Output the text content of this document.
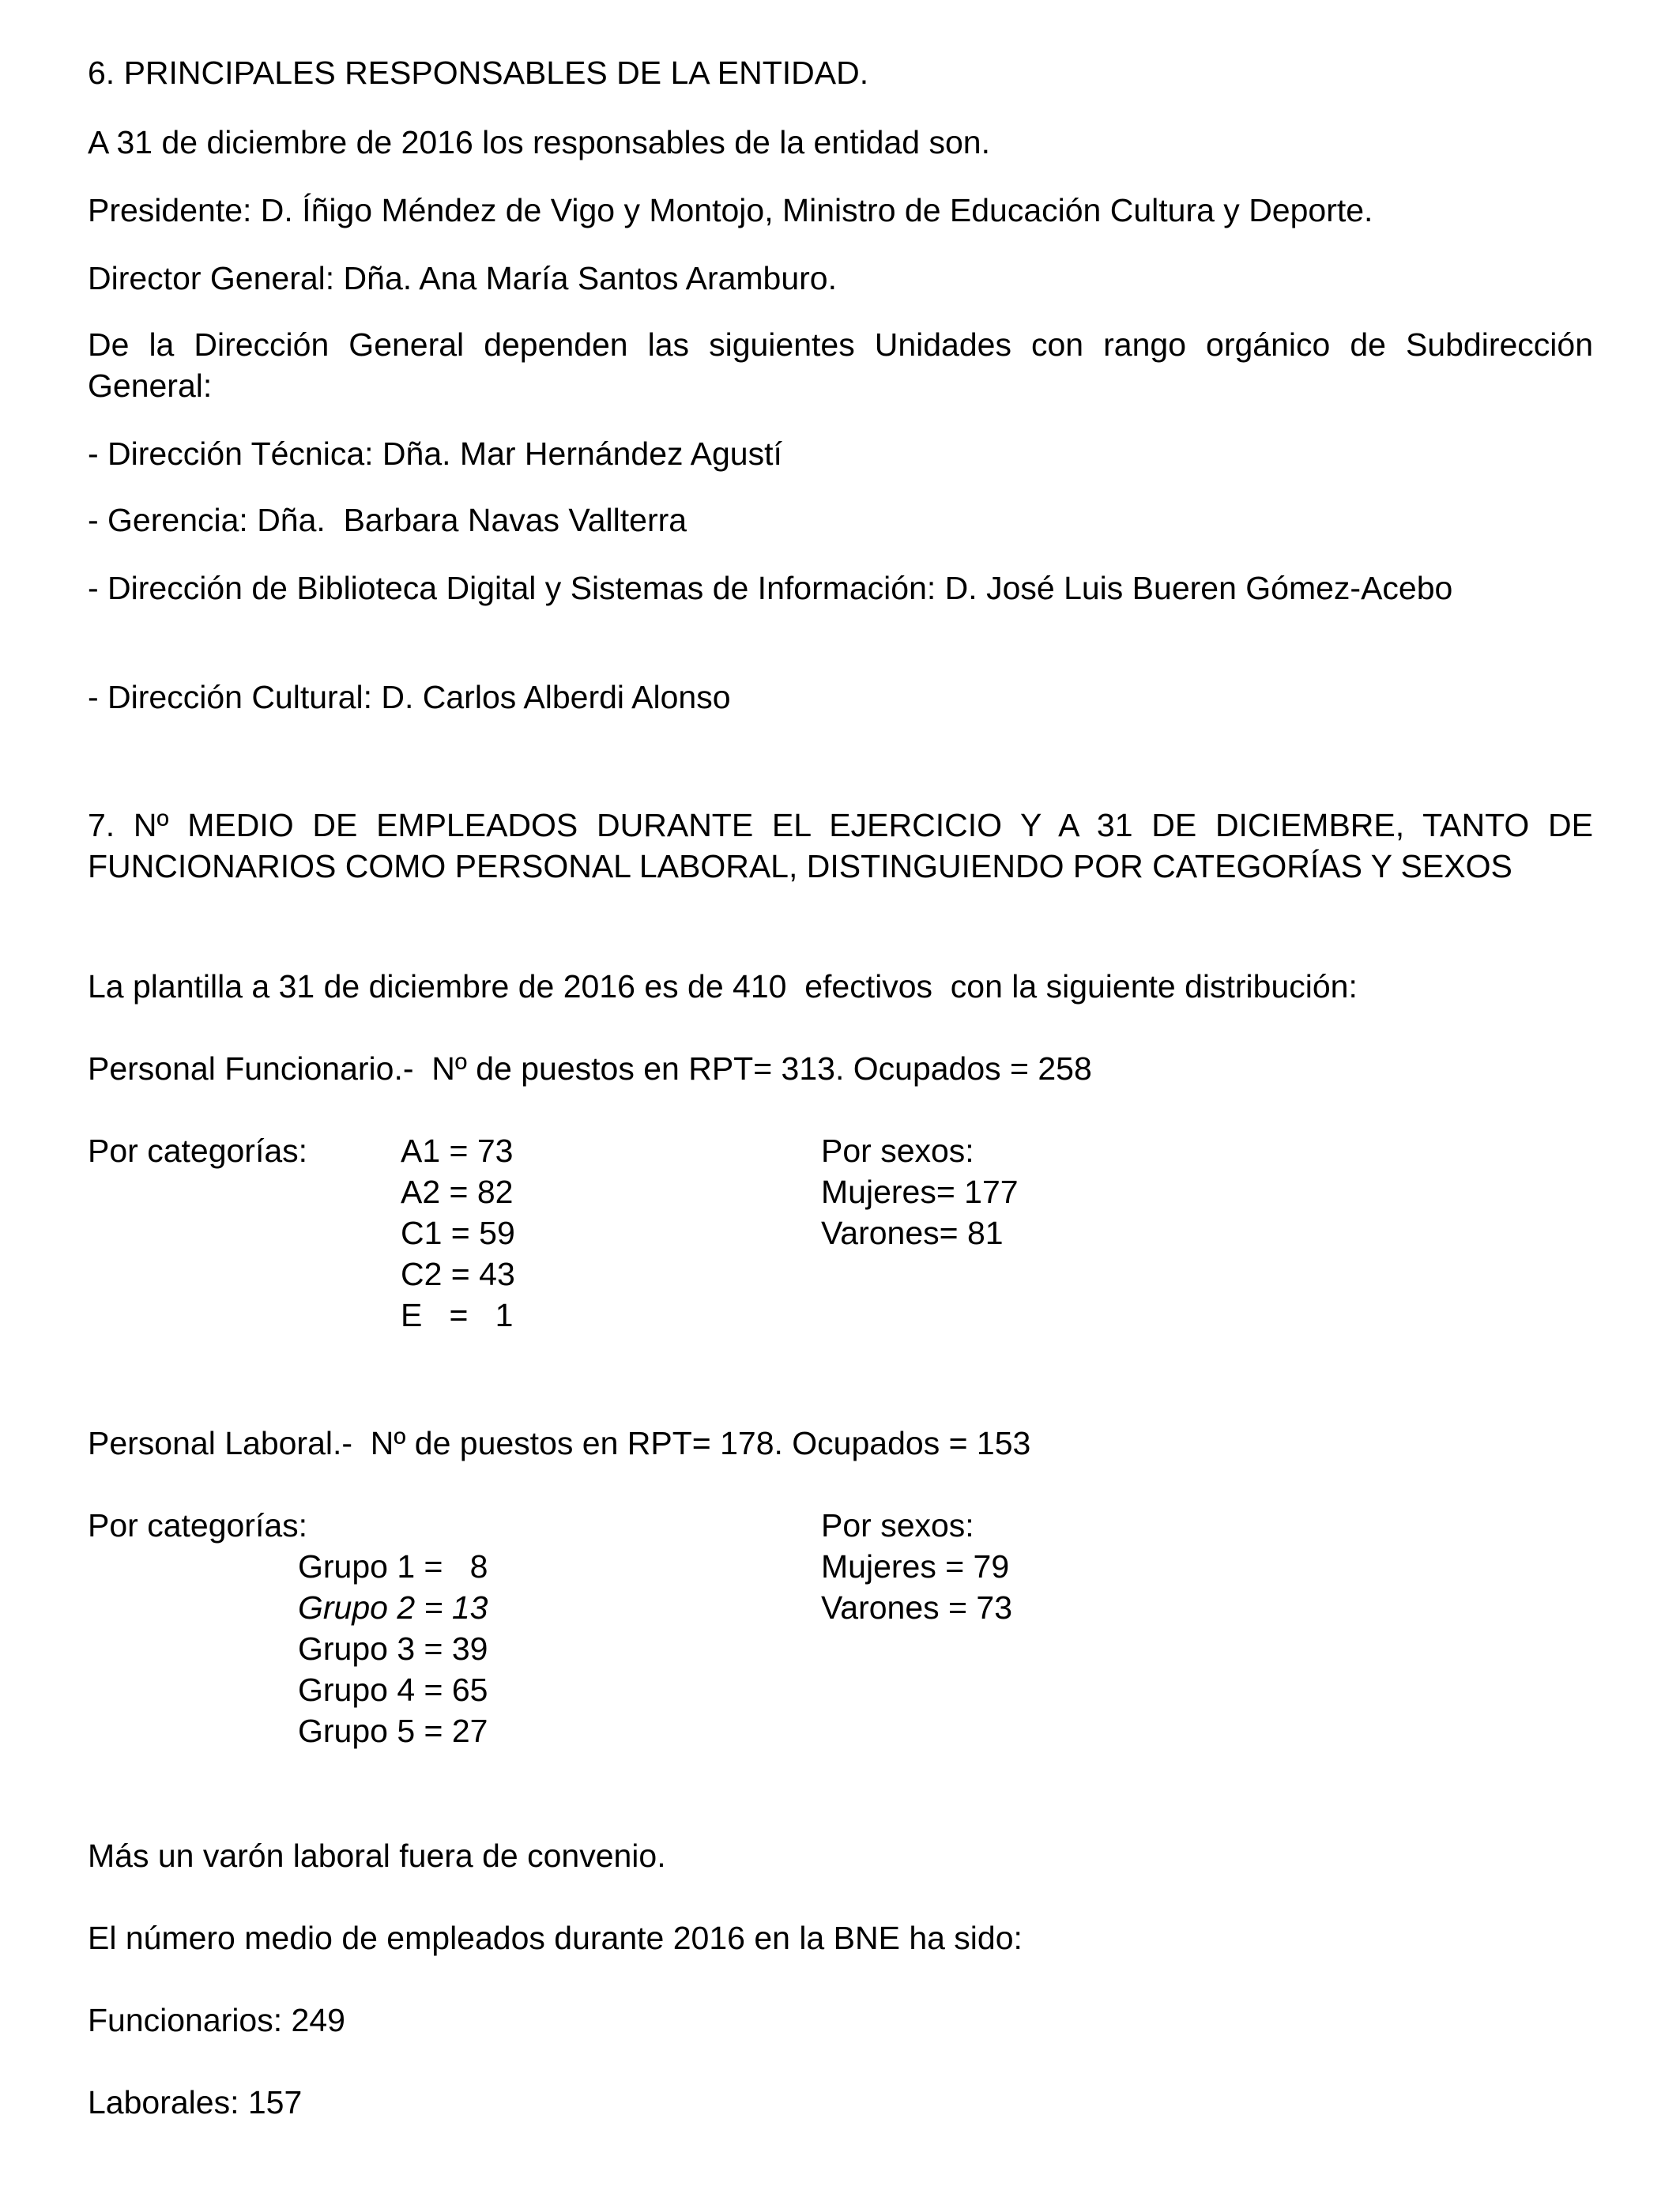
6. PRINCIPALES RESPONSABLES DE LA ENTIDAD.

A 31 de diciembre de 2016 los responsables de la entidad son.

Presidente: D. Íñigo Méndez de Vigo y Montojo, Ministro de Educación Cultura y Deporte.

Director General: Dña. Ana María Santos Aramburo.

De la Dirección General dependen las siguientes Unidades con rango orgánico de Subdirección General:

- Dirección Técnica: Dña. Mar Hernández Agustí

- Gerencia: Dña.  Barbara Navas Vallterra

- Dirección de Biblioteca Digital y Sistemas de Información: D. José Luis Bueren Gómez-Acebo

- Dirección Cultural: D. Carlos Alberdi Alonso

7. Nº MEDIO DE EMPLEADOS DURANTE EL EJERCICIO Y A 31 DE DICIEMBRE, TANTO DE FUNCIONARIOS COMO PERSONAL LABORAL, DISTINGUIENDO POR CATEGORÍAS Y SEXOS

La plantilla a 31 de diciembre de 2016 es de 410  efectivos  con la siguiente distribución:

Personal Funcionario.-  Nº de puestos en RPT= 313. Ocupados = 258

Por categorías:	A1 = 73
A2 = 82
C1 = 59
C2 = 43
E   =   1
Por sexos:
Mujeres= 177
Varones= 81

Personal Laboral.-  Nº de puestos en RPT= 178. Ocupados = 153

Por categorías:
Grupo 1 =   8
Grupo 2 = 13
Grupo 3 = 39
Grupo 4 = 65
Grupo 5 = 27
Por sexos:
Mujeres = 79
Varones = 73

Más un varón laboral fuera de convenio.

El número medio de empleados durante 2016 en la BNE ha sido:

Funcionarios: 249

Laborales: 157
